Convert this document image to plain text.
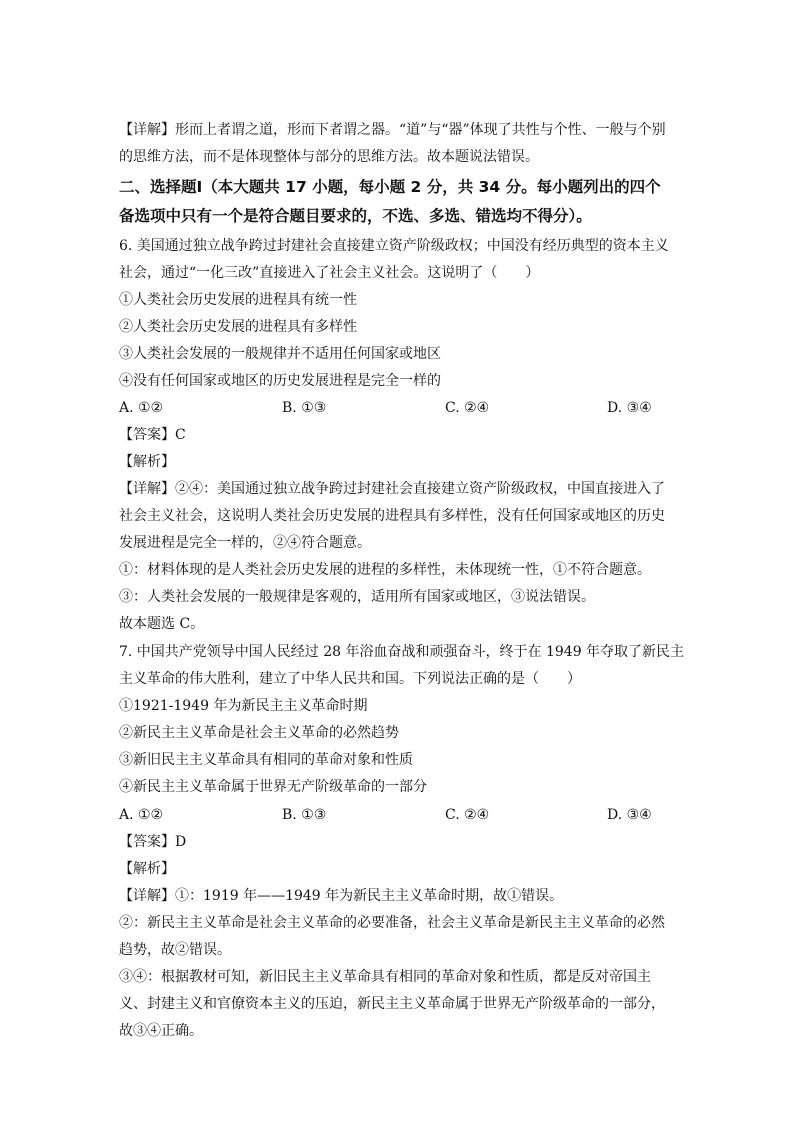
【详解】形而上者谓之道，形而下者谓之器。“道”与“器”体现了共性与个性、一般与个别
的思维方法，而不是体现整体与部分的思维方法。故本题说法错误。
二、选择题Ⅰ（本大题共 17 小题，每小题 2 分，共 34 分。每小题列出的四个
备选项中只有一个是符合题目要求的，不选、多选、错选均不得分）。
6. 美国通过独立战争跨过封建社会直接建立资产阶级政权；中国没有经历典型的资本主义
社会，通过“一化三改”直接进入了社会主义社会。这说明了（　　）
①人类社会历史发展的进程具有统一性
②人类社会历史发展的进程具有多样性
③人类社会发展的一般规律并不适用任何国家或地区
④没有任何国家或地区的历史发展进程是完全一样的
A. ①②	B. ①③	C. ②④	D. ③④
【答案】C
【解析】
【详解】②④：美国通过独立战争跨过封建社会直接建立资产阶级政权，中国直接进入了
社会主义社会，这说明人类社会历史发展的进程具有多样性，没有任何国家或地区的历史
发展进程是完全一样的，②④符合题意。
①：材料体现的是人类社会历史发展的进程的多样性，未体现统一性，①不符合题意。
③：人类社会发展的一般规律是客观的，适用所有国家或地区，③说法错误。
故本题选 C。
7. 中国共产党领导中国人民经过 28 年浴血奋战和顽强奋斗，终于在 1949 年夺取了新民主
主义革命的伟大胜利，建立了中华人民共和国。下列说法正确的是（　　）
①1921-1949 年为新民主主义革命时期
②新民主主义革命是社会主义革命的必然趋势
③新旧民主主义革命具有相同的革命对象和性质
④新民主主义革命属于世界无产阶级革命的一部分
A. ①②	B. ①③	C. ②④	D. ③④
【答案】D
【解析】
【详解】①：1919 年——1949 年为新民主主义革命时期，故①错误。
②：新民主主义革命是社会主义革命的必要准备，社会主义革命是新民主主义革命的必然
趋势，故②错误。
③④：根据教材可知，新旧民主主义革命具有相同的革命对象和性质，都是反对帝国主
义、封建主义和官僚资本主义的压迫，新民主主义革命属于世界无产阶级革命的一部分，
故③④正确。
